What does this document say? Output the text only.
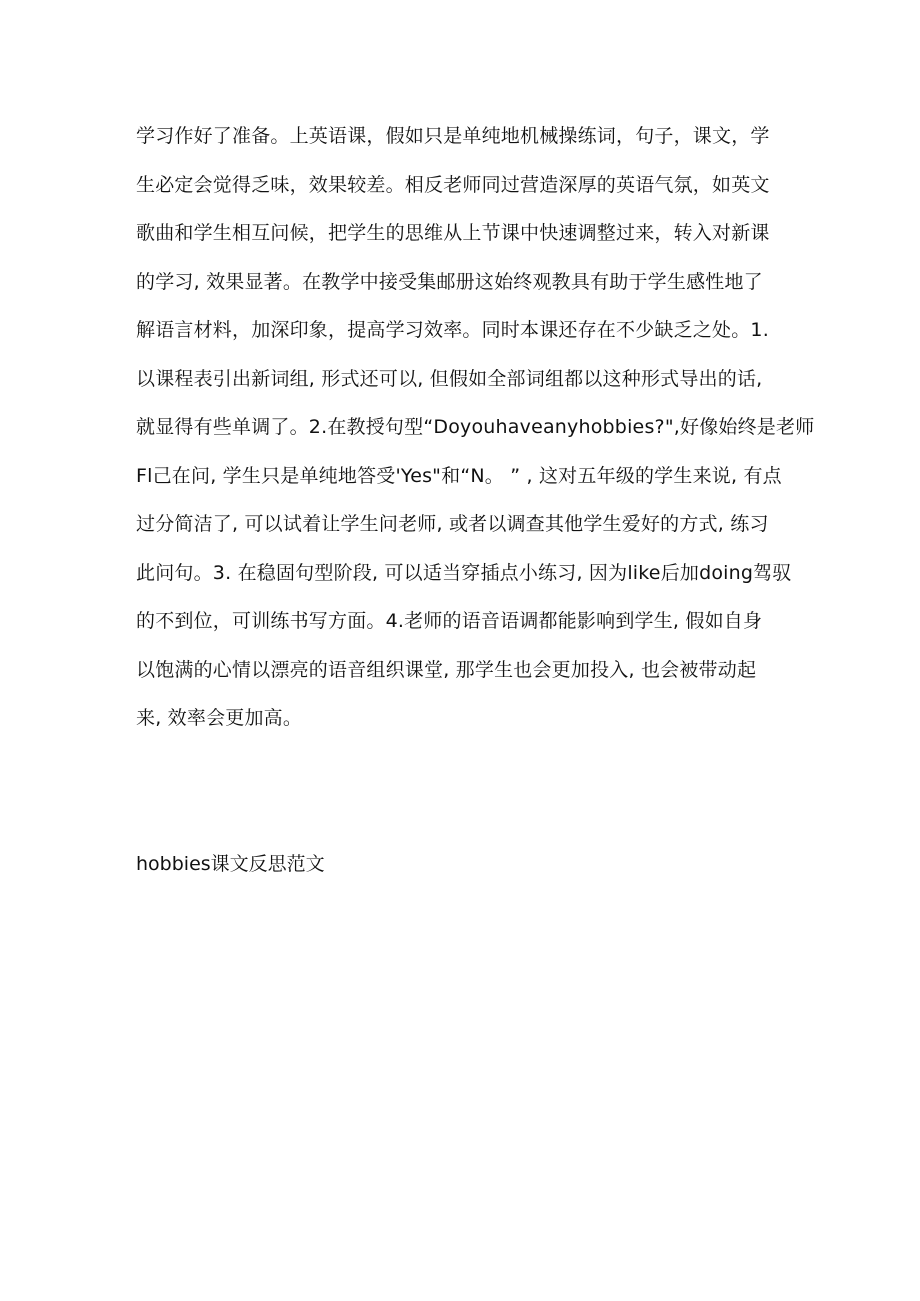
学习作好了准备。上英语课，假如只是单纯地机械操练词，句子，课文，学
生必定会觉得乏味，效果较差。相反老师同过营造深厚的英语气氛，如英文
歌曲和学生相互问候，把学生的思维从上节课中快速调整过来，转入对新课
的学习, 效果显著。在教学中接受集邮册这始终观教具有助于学生感性地了
解语言材料，加深印象，提高学习效率。同时本课还存在不少缺乏之处。1.
以课程表引出新词组, 形式还可以, 但假如全部词组都以这种形式导出的话,
就显得有些单调了。2.在教授句型“Doyouhaveanyhobbies?",好像始终是老师
Fl己在问, 学生只是单纯地答受'Yes"和“N。 ” , 这对五年级的学生来说, 有点
过分简洁了, 可以试着让学生问老师, 或者以调查其他学生爱好的方式, 练习
此问句。3. 在稳固句型阶段, 可以适当穿插点小练习, 因为like后加doing驾驭
的不到位，可训练书写方面。4.老师的语音语调都能影响到学生, 假如自身
以饱满的心情以漂亮的语音组织课堂, 那学生也会更加投入, 也会被带动起
来, 效率会更加高。
hobbies课文反思范文
